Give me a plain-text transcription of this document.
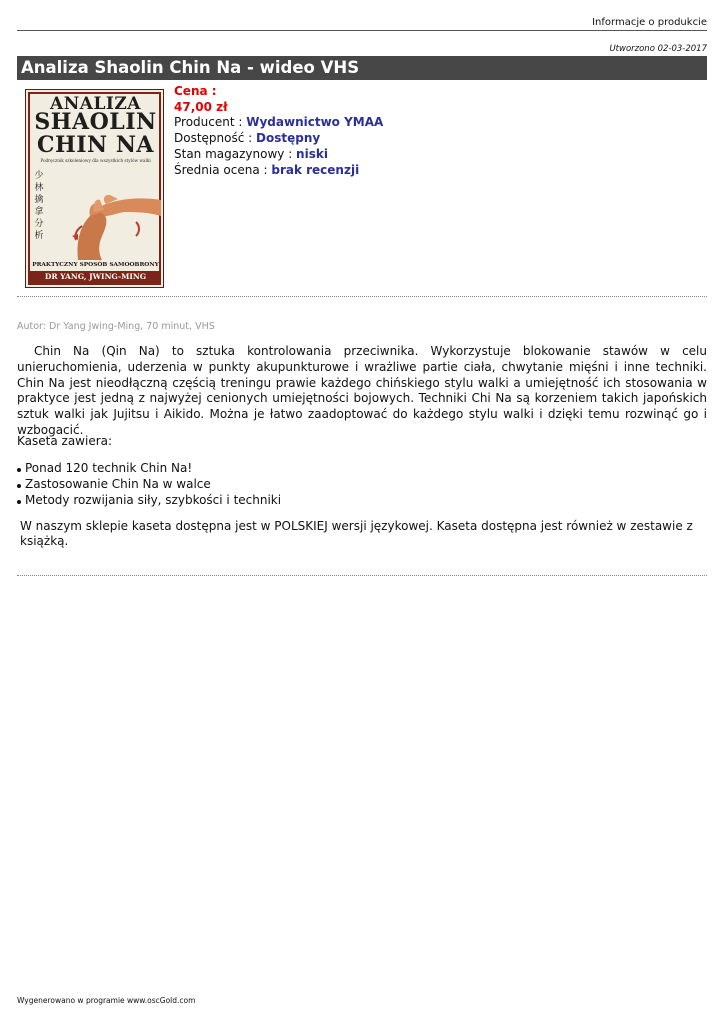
Informacje o produkcie
Utworzono 02-03-2017
Analiza Shaolin Chin Na - wideo VHS
ANALIZA
SHAOLIN
CHIN NA
Podręcznik szkoleniowy dla wszystkich stylów walki
少林擒拿分析
PRAKTYCZNY SPOSÓB SAMOOBRONY
DR YANG, JWING-MING
Cena :
47,00 zł
Producent : Wydawnictwo YMAA
Dostępność : Dostępny
Stan magazynowy : niski
Średnia ocena : brak recenzji
Autor: Dr Yang Jwing-Ming, 70 minut, VHS

Chin Na (Qin Na) to sztuka kontrolowania przeciwnika. Wykorzystuje blokowanie stawów w celu unieruchomienia, uderzenia w punkty akupunkturowe i wrażliwe partie ciała, chwytanie mięśni i inne techniki. Chin Na jest nieodłączną częścią treningu prawie każdego chińskiego stylu walki a umiejętność ich stosowania w praktyce jest jedną z najwyżej cenionych umiejętności bojowych. Techniki Chi Na są korzeniem takich japońskich sztuk walki jak Jujitsu i Aikido. Można je łatwo zaadoptować do każdego stylu walki i dzięki temu rozwinąć go i wzbogacić.

Kaseta zawiera:
Ponad 120 technik Chin Na!
Zastosowanie Chin Na w walce
Metody rozwijania siły, szybkości i techniki
W naszym sklepie kaseta dostępna jest w POLSKIEJ wersji językowej. Kaseta dostępna jest również w zestawie z książką.
Wygenerowano w programie www.oscGold.com
